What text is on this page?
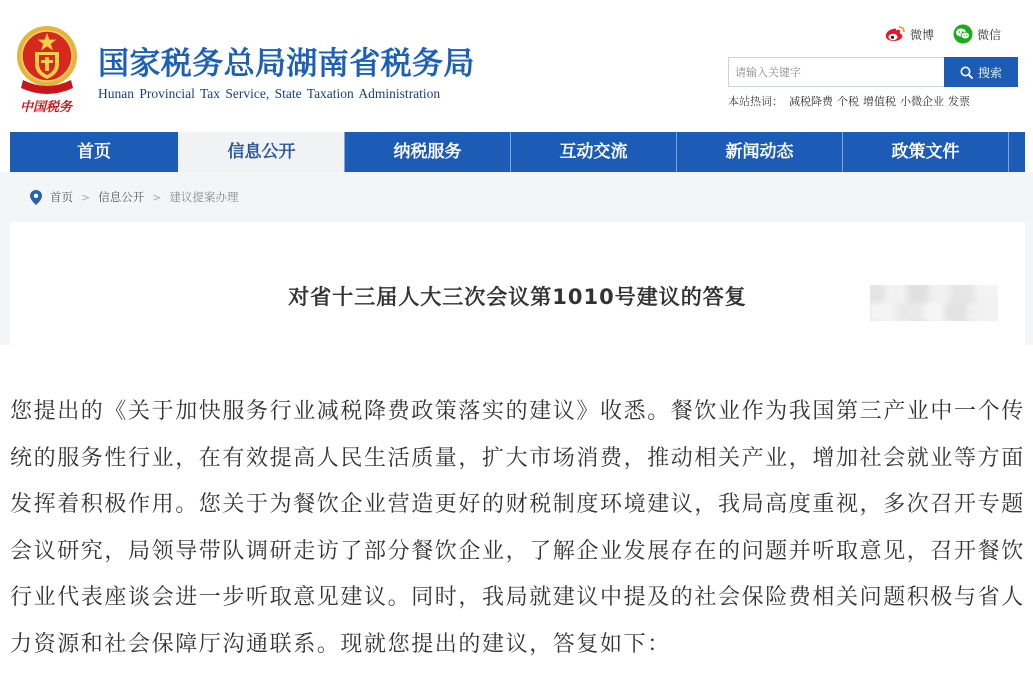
中国税务
国家税务总局湖南省税务局
Hunan Provincial Tax Service, State Taxation Administration
微博	微信
请输入关键字
搜索
本站热词： 减税降费 个税 增值税 小微企业 发票
首页	信息公开	纳税服务	互动交流	新闻动态	政策文件
首页 > 信息公开 > 建议提案办理
对省十三届人大三次会议第1010号建议的答复
您提出的《关于加快服务行业减税降费政策落实的建议》收悉。餐饮业作为我国第三产业中一个传
统的服务性行业，在有效提高人民生活质量，扩大市场消费，推动相关产业，增加社会就业等方面
发挥着积极作用。您关于为餐饮企业营造更好的财税制度环境建议，我局高度重视，多次召开专题
会议研究，局领导带队调研走访了部分餐饮企业，了解企业发展存在的问题并听取意见，召开餐饮
行业代表座谈会进一步听取意见建议。同时，我局就建议中提及的社会保险费相关问题积极与省人
力资源和社会保障厅沟通联系。现就您提出的建议，答复如下：
